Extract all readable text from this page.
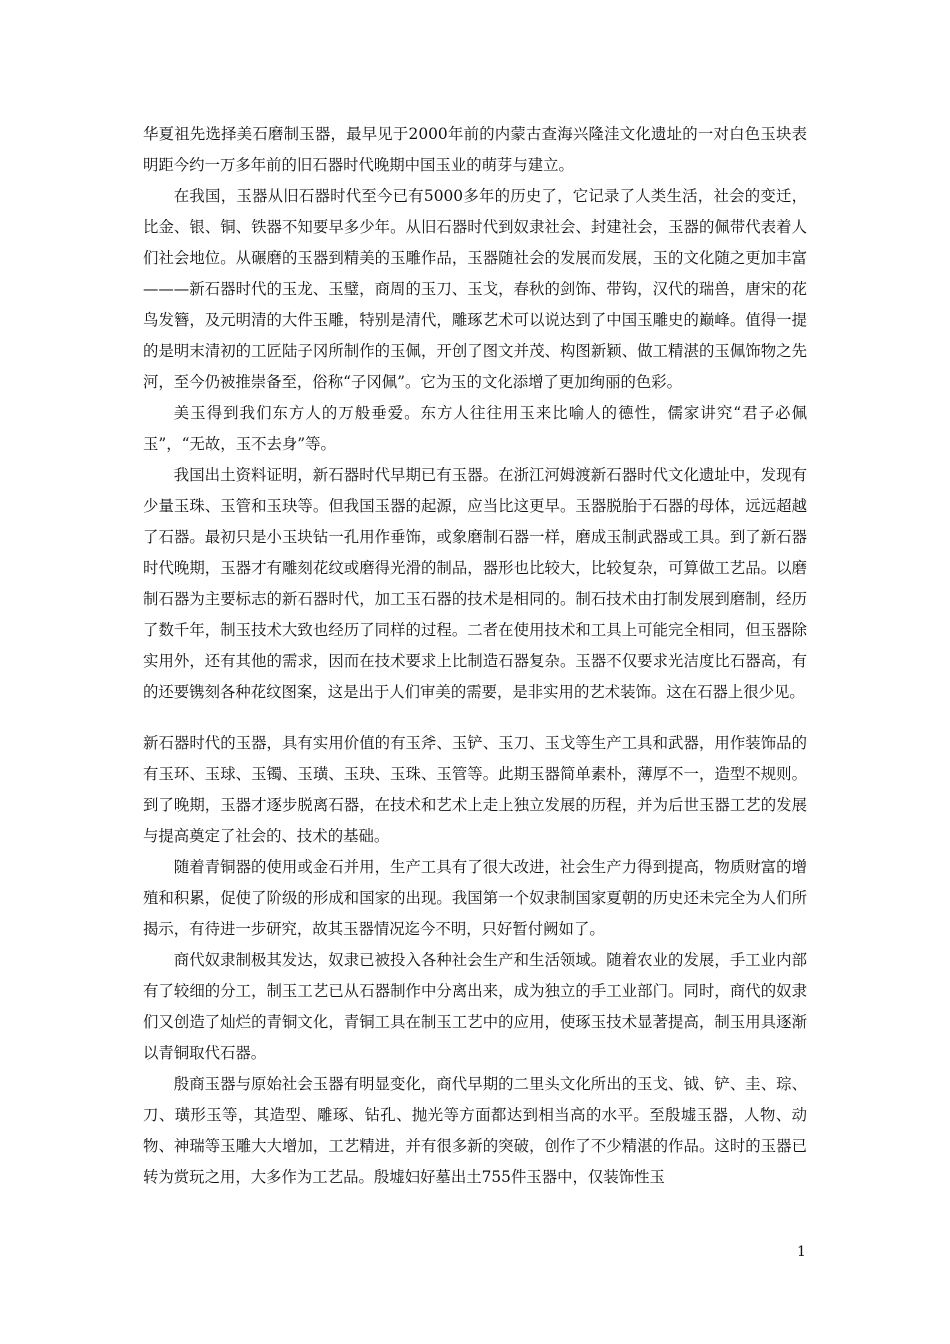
华夏祖先选择美石磨制玉器，最早见于2000年前的内蒙古查海兴隆洼文化遗址的一对白色玉块表明距今约一万多年前的旧石器时代晚期中国玉业的萌芽与建立。

在我国，玉器从旧石器时代至今已有5000多年的历史了，它记录了人类生活，社会的变迁，比金、银、铜、铁器不知要早多少年。从旧石器时代到奴隶社会、封建社会，玉器的佩带代表着人们社会地位。从碾磨的玉器到精美的玉雕作品，玉器随社会的发展而发展，玉的文化随之更加丰富———新石器时代的玉龙、玉璧，商周的玉刀、玉戈，春秋的剑饰、带钩，汉代的瑞兽，唐宋的花鸟发簪，及元明清的大件玉雕，特别是清代，雕琢艺术可以说达到了中国玉雕史的巅峰。值得一提的是明末清初的工匠陆子冈所制作的玉佩，开创了图文并茂、构图新颖、做工精湛的玉佩饰物之先河，至今仍被推崇备至，俗称“子冈佩”。它为玉的文化添增了更加绚丽的色彩。

美玉得到我们东方人的万般垂爱。东方人往往用玉来比喻人的德性，儒家讲究“君子必佩玉”，“无故，玉不去身”等。

我国出土资料证明，新石器时代早期已有玉器。在浙江河姆渡新石器时代文化遗址中，发现有少量玉珠、玉管和玉玦等。但我国玉器的起源，应当比这更早。玉器脱胎于石器的母体，远远超越了石器。最初只是小玉块钻一孔用作垂饰，或象磨制石器一样，磨成玉制武器或工具。到了新石器时代晚期，玉器才有雕刻花纹或磨得光滑的制品，器形也比较大，比较复杂，可算做工艺品。以磨制石器为主要标志的新石器时代，加工玉石器的技术是相同的。制石技术由打制发展到磨制，经历了数千年，制玉技术大致也经历了同样的过程。二者在使用技术和工具上可能完全相同，但玉器除实用外，还有其他的需求，因而在技术要求上比制造石器复杂。玉器不仅要求光洁度比石器高，有的还要镌刻各种花纹图案，这是出于人们审美的需要，是非实用的艺术装饰。这在石器上很少见。

新石器时代的玉器，具有实用价值的有玉斧、玉铲、玉刀、玉戈等生产工具和武器，用作装饰品的有玉环、玉球、玉镯、玉璜、玉玦、玉珠、玉管等。此期玉器简单素朴，薄厚不一，造型不规则。到了晚期，玉器才逐步脱离石器，在技术和艺术上走上独立发展的历程，并为后世玉器工艺的发展与提高奠定了社会的、技术的基础。

随着青铜器的使用或金石并用，生产工具有了很大改进，社会生产力得到提高，物质财富的增殖和积累，促使了阶级的形成和国家的出现。我国第一个奴隶制国家夏朝的历史还未完全为人们所揭示，有待进一步研究，故其玉器情况迄今不明，只好暂付阙如了。

商代奴隶制极其发达，奴隶已被投入各种社会生产和生活领域。随着农业的发展，手工业内部有了较细的分工，制玉工艺已从石器制作中分离出来，成为独立的手工业部门。同时，商代的奴隶们又创造了灿烂的青铜文化，青铜工具在制玉工艺中的应用，使琢玉技术显著提高，制玉用具逐渐以青铜取代石器。

殷商玉器与原始社会玉器有明显变化，商代早期的二里头文化所出的玉戈、钺、铲、圭、琮、刀、璜形玉等，其造型、雕琢、钻孔、抛光等方面都达到相当高的水平。至殷墟玉器，人物、动物、神瑞等玉雕大大增加，工艺精进，并有很多新的突破，创作了不少精湛的作品。这时的玉器已转为赏玩之用，大多作为工艺品。殷墟妇好墓出土755件玉器中，仅装饰性玉

1
